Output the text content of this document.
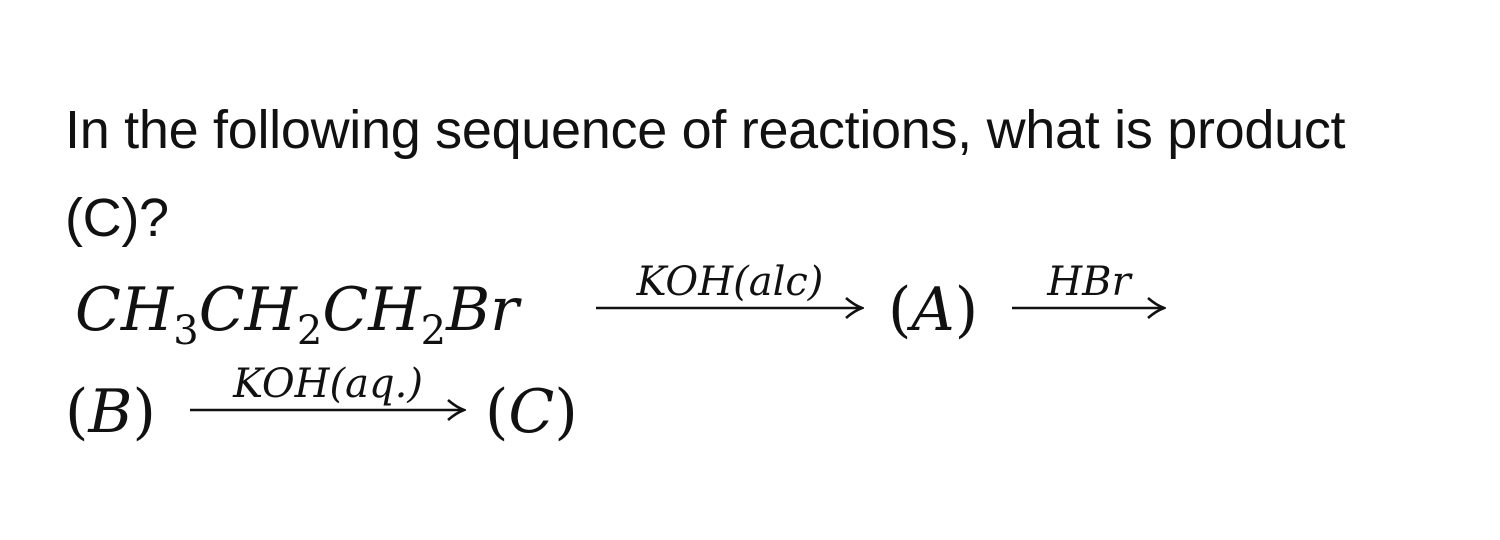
In the following sequence of reactions, what is product (C)?
$CH_3CH_2CH_2Br$	KOH(alc)	(A)	HBr
(B)	KOH(aq.)	(C)
